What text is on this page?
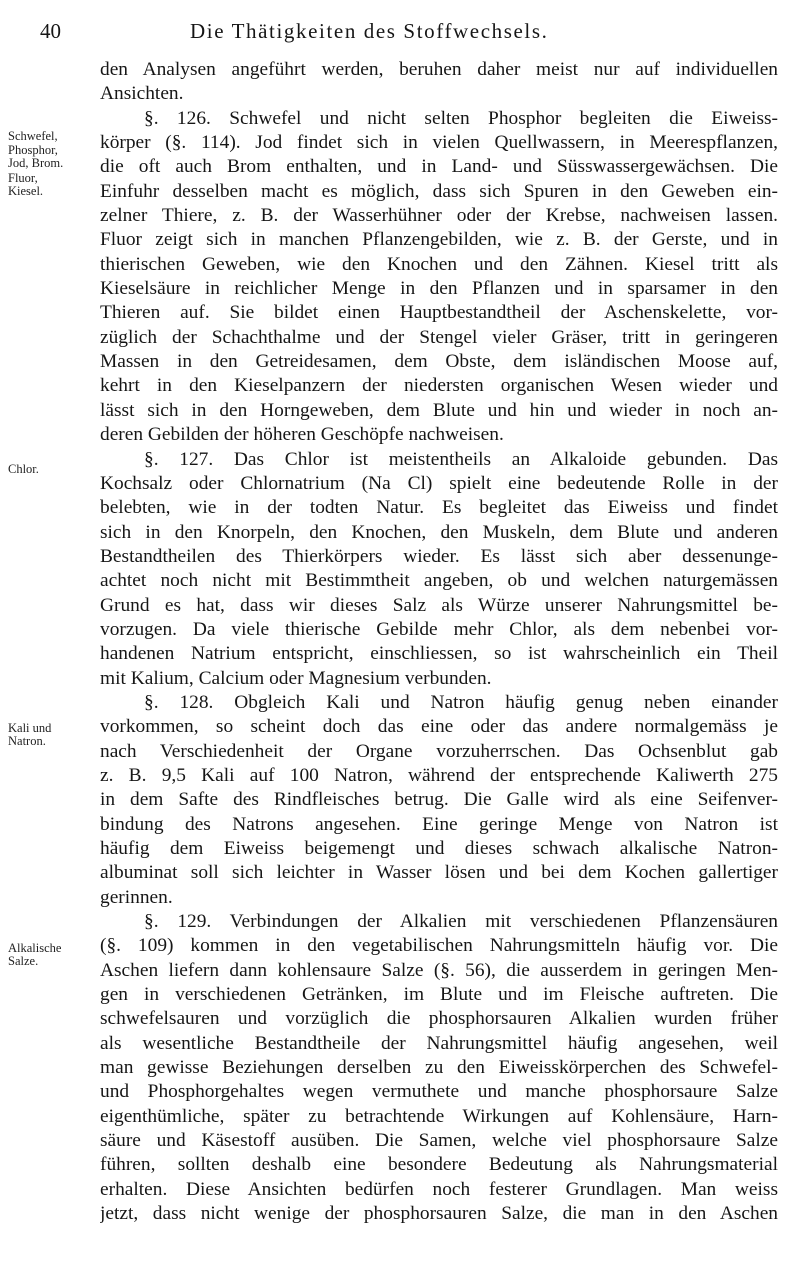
40	Die Thätigkeiten des Stoffwechsels.
Schwefel,
Phosphor,
Jod, Brom.
Fluor,
Kiesel.
Chlor.
Kali und
Natron.
Alkalische
Salze.
den Analysen angeführt werden, beruhen daher meist nur auf individuellen
Ansichten.
§. 126. Schwefel und nicht selten Phosphor begleiten die Eiweiss-
körper (§. 114). Jod findet sich in vielen Quellwassern, in Meerespflanzen,
die oft auch Brom enthalten, und in Land- und Süsswassergewächsen. Die
Einfuhr desselben macht es möglich, dass sich Spuren in den Geweben ein-
zelner Thiere, z. B. der Wasserhühner oder der Krebse, nachweisen lassen.
Fluor zeigt sich in manchen Pflanzengebilden, wie z. B. der Gerste, und in
thierischen Geweben, wie den Knochen und den Zähnen. Kiesel tritt als
Kieselsäure in reichlicher Menge in den Pflanzen und in sparsamer in den
Thieren auf. Sie bildet einen Hauptbestandtheil der Aschenskelette, vor-
züglich der Schachthalme und der Stengel vieler Gräser, tritt in geringeren
Massen in den Getreidesamen, dem Obste, dem isländischen Moose auf,
kehrt in den Kieselpanzern der niedersten organischen Wesen wieder und
lässt sich in den Horngeweben, dem Blute und hin und wieder in noch an-
deren Gebilden der höheren Geschöpfe nachweisen.
§. 127. Das Chlor ist meistentheils an Alkaloide gebunden. Das
Kochsalz oder Chlornatrium (Na Cl) spielt eine bedeutende Rolle in der
belebten, wie in der todten Natur. Es begleitet das Eiweiss und findet
sich in den Knorpeln, den Knochen, den Muskeln, dem Blute und anderen
Bestandtheilen des Thierkörpers wieder. Es lässt sich aber dessenunge-
achtet noch nicht mit Bestimmtheit angeben, ob und welchen naturgemässen
Grund es hat, dass wir dieses Salz als Würze unserer Nahrungsmittel be-
vorzugen. Da viele thierische Gebilde mehr Chlor, als dem nebenbei vor-
handenen Natrium entspricht, einschliessen, so ist wahrscheinlich ein Theil
mit Kalium, Calcium oder Magnesium verbunden.
§. 128. Obgleich Kali und Natron häufig genug neben einander
vorkommen, so scheint doch das eine oder das andere normalgemäss je
nach Verschiedenheit der Organe vorzuherrschen. Das Ochsenblut gab
z. B. 9,5 Kali auf 100 Natron, während der entsprechende Kaliwerth 275
in dem Safte des Rindfleisches betrug. Die Galle wird als eine Seifenver-
bindung des Natrons angesehen. Eine geringe Menge von Natron ist
häufig dem Eiweiss beigemengt und dieses schwach alkalische Natron-
albuminat soll sich leichter in Wasser lösen und bei dem Kochen gallertiger
gerinnen.
§. 129. Verbindungen der Alkalien mit verschiedenen Pflanzensäuren
(§. 109) kommen in den vegetabilischen Nahrungsmitteln häufig vor. Die
Aschen liefern dann kohlensaure Salze (§. 56), die ausserdem in geringen Men-
gen in verschiedenen Getränken, im Blute und im Fleische auftreten. Die
schwefelsauren und vorzüglich die phosphorsauren Alkalien wurden früher
als wesentliche Bestandtheile der Nahrungsmittel häufig angesehen, weil
man gewisse Beziehungen derselben zu den Eiweisskörperchen des Schwefel-
und Phosphorgehaltes wegen vermuthete und manche phosphorsaure Salze
eigenthümliche, später zu betrachtende Wirkungen auf Kohlensäure, Harn-
säure und Käsestoff ausüben. Die Samen, welche viel phosphorsaure Salze
führen, sollten deshalb eine besondere Bedeutung als Nahrungsmaterial
erhalten. Diese Ansichten bedürfen noch festerer Grundlagen. Man weiss
jetzt, dass nicht wenige der phosphorsauren Salze, die man in den Aschen
